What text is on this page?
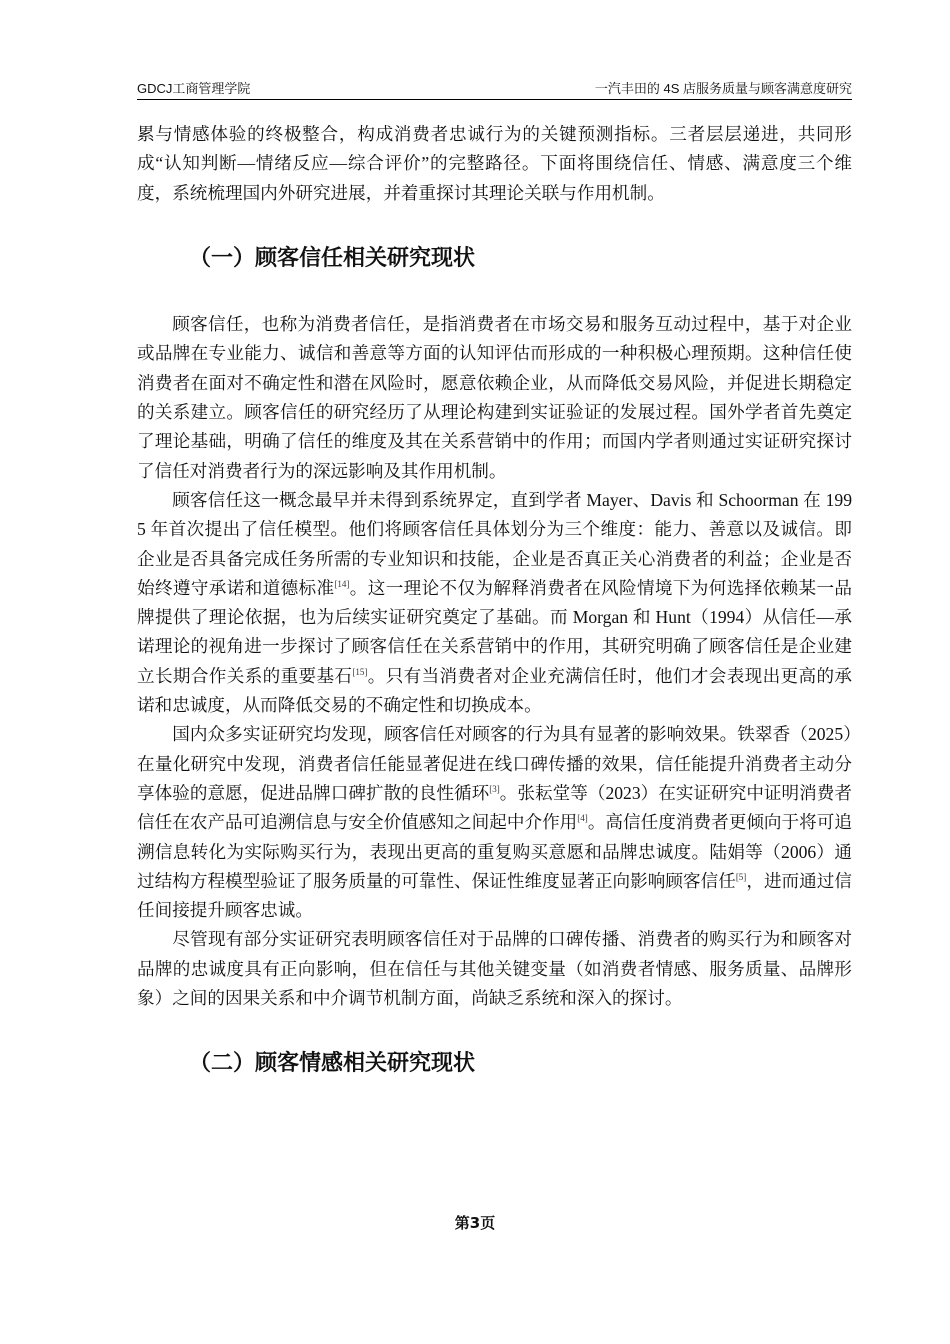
GDCJ工商管理学院	一汽丰田的 4S 店服务质量与顾客满意度研究

累与情感体验的终极整合，构成消费者忠诚行为的关键预测指标。三者层层递进，共同形成“认知判断—情绪反应—综合评价”的完整路径。下面将围绕信任、情感、满意度三个维度，系统梳理国内外研究进展，并着重探讨其理论关联与作用机制。

（一）顾客信任相关研究现状

顾客信任，也称为消费者信任，是指消费者在市场交易和服务互动过程中，基于对企业或品牌在专业能力、诚信和善意等方面的认知评估而形成的一种积极心理预期。这种信任使消费者在面对不确定性和潜在风险时，愿意依赖企业，从而降低交易风险，并促进长期稳定的关系建立。顾客信任的研究经历了从理论构建到实证验证的发展过程。国外学者首先奠定了理论基础，明确了信任的维度及其在关系营销中的作用；而国内学者则通过实证研究探讨了信任对消费者行为的深远影响及其作用机制。

顾客信任这一概念最早并未得到系统界定，直到学者 Mayer、Davis 和 Schoorman 在 1995 年首次提出了信任模型。他们将顾客信任具体划分为三个维度：能力、善意以及诚信。即企业是否具备完成任务所需的专业知识和技能，企业是否真正关心消费者的利益；企业是否始终遵守承诺和道德标准[14]。这一理论不仅为解释消费者在风险情境下为何选择依赖某一品牌提供了理论依据，也为后续实证研究奠定了基础。而 Morgan 和 Hunt（1994）从信任—承诺理论的视角进一步探讨了顾客信任在关系营销中的作用，其研究明确了顾客信任是企业建立长期合作关系的重要基石[15]。只有当消费者对企业充满信任时，他们才会表现出更高的承诺和忠诚度，从而降低交易的不确定性和切换成本。

国内众多实证研究均发现，顾客信任对顾客的行为具有显著的影响效果。铁翠香（2025）在量化研究中发现，消费者信任能显著促进在线口碑传播的效果，信任能提升消费者主动分享体验的意愿，促进品牌口碑扩散的良性循环[3]。张耘堂等（2023）在实证研究中证明消费者信任在农产品可追溯信息与安全价值感知之间起中介作用[4]。高信任度消费者更倾向于将可追溯信息转化为实际购买行为，表现出更高的重复购买意愿和品牌忠诚度。陆娟等（2006）通过结构方程模型验证了服务质量的可靠性、保证性维度显著正向影响顾客信任[5]，进而通过信任间接提升顾客忠诚。

尽管现有部分实证研究表明顾客信任对于品牌的口碑传播、消费者的购买行为和顾客对品牌的忠诚度具有正向影响，但在信任与其他关键变量（如消费者情感、服务质量、品牌形象）之间的因果关系和中介调节机制方面，尚缺乏系统和深入的探讨。

（二）顾客情感相关研究现状
第3页
